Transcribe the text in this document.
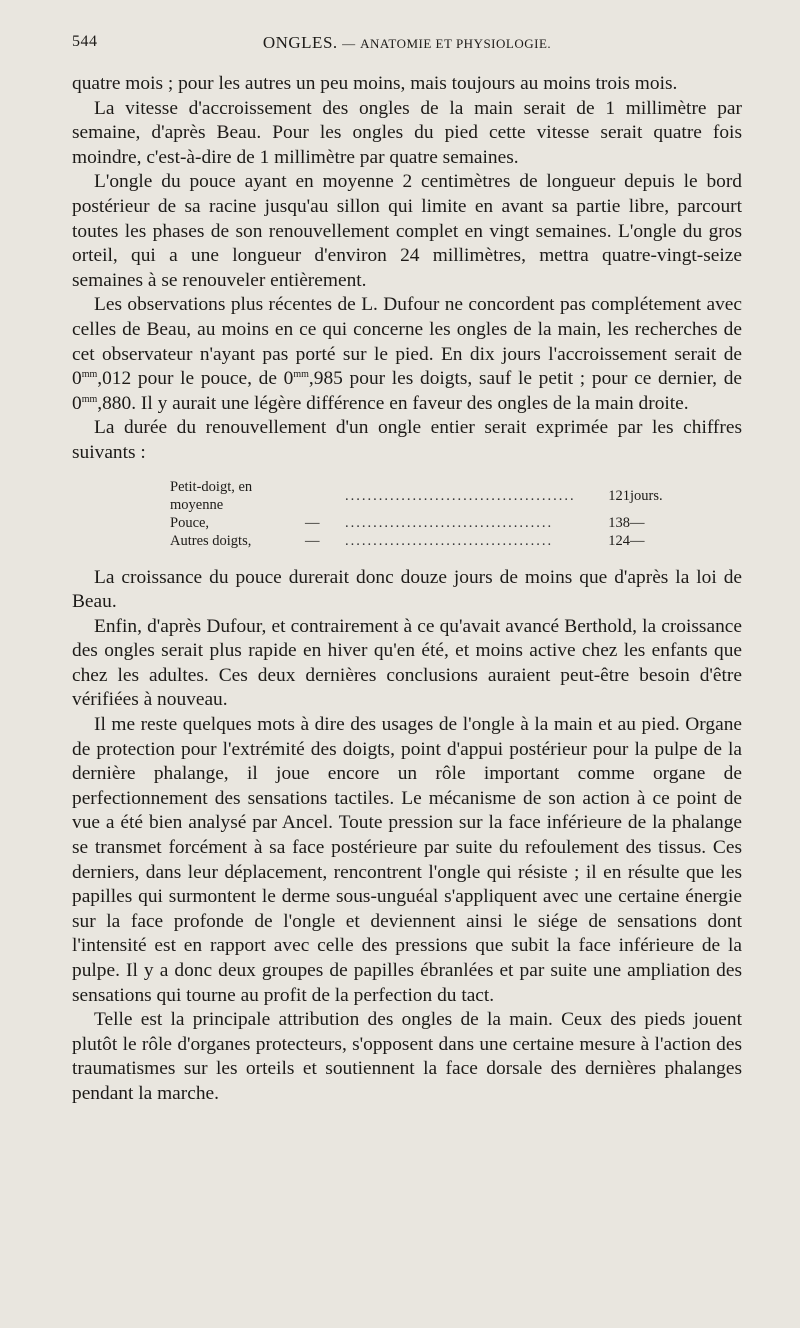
544	ONGLES. — ANATOMIE ET PHYSIOLOGIE.

quatre mois ; pour les autres un peu moins, mais toujours au moins trois mois.

La vitesse d'accroissement des ongles de la main serait de 1 millimètre par semaine, d'après Beau. Pour les ongles du pied cette vitesse serait quatre fois moindre, c'est-à-dire de 1 millimètre par quatre semaines.

L'ongle du pouce ayant en moyenne 2 centimètres de longueur depuis le bord postérieur de sa racine jusqu'au sillon qui limite en avant sa partie libre, parcourt toutes les phases de son renouvellement complet en vingt semaines. L'ongle du gros orteil, qui a une longueur d'environ 24 millimètres, mettra quatre-vingt-seize semaines à se renouveler entièrement.

Les observations plus récentes de L. Dufour ne concordent pas complétement avec celles de Beau, au moins en ce qui concerne les ongles de la main, les recherches de cet observateur n'ayant pas porté sur le pied. En dix jours l'accroissement serait de $0^{mm},012$ pour le pouce, de $0^{mm},985$ pour les doigts, sauf le petit ; pour ce dernier, de $0^{mm},880$. Il y aurait une légère différence en faveur des ongles de la main droite.

La durée du renouvellement d'un ongle entier serait exprimée par les chiffres suivants :

Petit-doigt, en moyenne		.........................................	121	jours.
Pouce,	—	.....................................	138	—
Autres doigts,	—	.....................................	124	—

La croissance du pouce durerait donc douze jours de moins que d'après la loi de Beau.

Enfin, d'après Dufour, et contrairement à ce qu'avait avancé Berthold, la croissance des ongles serait plus rapide en hiver qu'en été, et moins active chez les enfants que chez les adultes. Ces deux dernières conclusions auraient peut-être besoin d'être vérifiées à nouveau.

Il me reste quelques mots à dire des usages de l'ongle à la main et au pied. Organe de protection pour l'extrémité des doigts, point d'appui postérieur pour la pulpe de la dernière phalange, il joue encore un rôle important comme organe de perfectionnement des sensations tactiles. Le mécanisme de son action à ce point de vue a été bien analysé par Ancel. Toute pression sur la face inférieure de la phalange se transmet forcément à sa face postérieure par suite du refoulement des tissus. Ces derniers, dans leur déplacement, rencontrent l'ongle qui résiste ; il en résulte que les papilles qui surmontent le derme sous-unguéal s'appliquent avec une certaine énergie sur la face profonde de l'ongle et deviennent ainsi le siége de sensations dont l'intensité est en rapport avec celle des pressions que subit la face inférieure de la pulpe. Il y a donc deux groupes de papilles ébranlées et par suite une ampliation des sensations qui tourne au profit de la perfection du tact.

Telle est la principale attribution des ongles de la main. Ceux des pieds jouent plutôt le rôle d'organes protecteurs, s'opposent dans une certaine mesure à l'action des traumatismes sur les orteils et soutiennent la face dorsale des dernières phalanges pendant la marche.
